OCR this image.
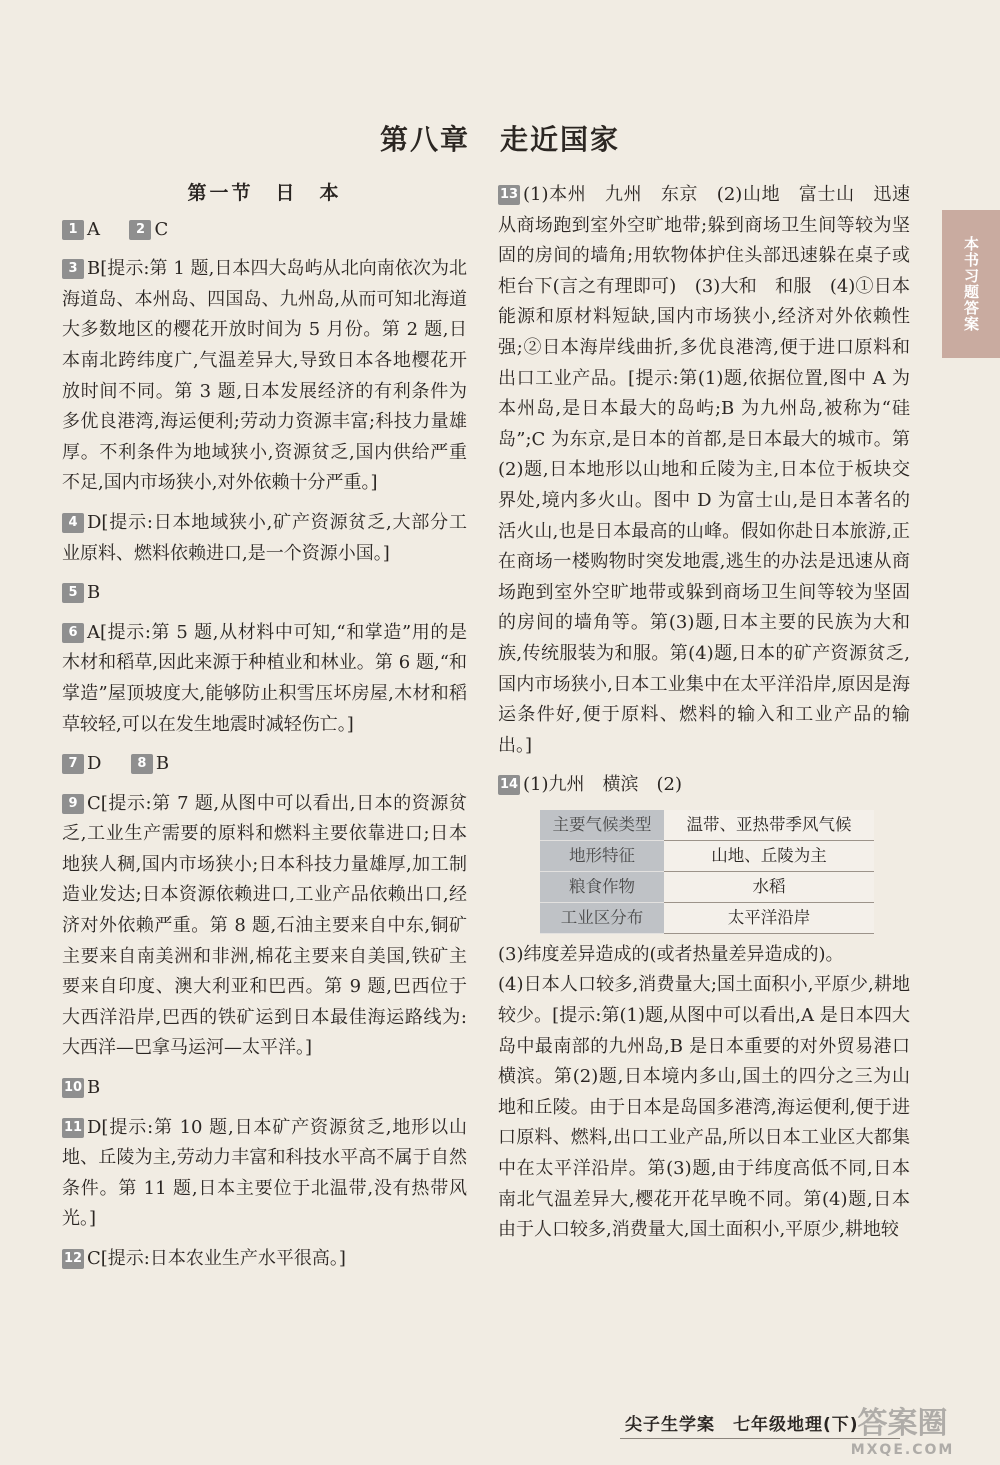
第八章　走近国家
本书习题答案
第一节　日　本
1 A	2 C
3 B[提示:第 1 题,日本四大岛屿从北向南依次为北海道岛、本州岛、四国岛、九州岛,从而可知北海道大多数地区的樱花开放时间为 5 月份。第 2 题,日本南北跨纬度广,气温差异大,导致日本各地樱花开放时间不同。第 3 题,日本发展经济的有利条件为多优良港湾,海运便利;劳动力资源丰富;科技力量雄厚。不利条件为地域狭小,资源贫乏,国内供给严重不足,国内市场狭小,对外依赖十分严重。]
4 D[提示:日本地域狭小,矿产资源贫乏,大部分工业原料、燃料依赖进口,是一个资源小国。]
5 B
6 A[提示:第 5 题,从材料中可知,“和掌造”用的是木材和稻草,因此来源于种植业和林业。第 6 题,“和掌造”屋顶坡度大,能够防止积雪压坏房屋,木材和稻草较轻,可以在发生地震时减轻伤亡。]
7 D	8 B
9 C[提示:第 7 题,从图中可以看出,日本的资源贫乏,工业生产需要的原料和燃料主要依靠进口;日本地狭人稠,国内市场狭小;日本科技力量雄厚,加工制造业发达;日本资源依赖进口,工业产品依赖出口,经济对外依赖严重。第 8 题,石油主要来自中东,铜矿主要来自南美洲和非洲,棉花主要来自美国,铁矿主要来自印度、澳大利亚和巴西。第 9 题,巴西位于大西洋沿岸,巴西的铁矿运到日本最佳海运路线为:大西洋—巴拿马运河—太平洋。]
10 B
11 D[提示:第 10 题,日本矿产资源贫乏,地形以山地、丘陵为主,劳动力丰富和科技水平高不属于自然条件。第 11 题,日本主要位于北温带,没有热带风光。]
12 C[提示:日本农业生产水平很高。]
13 (1)本州　九州　东京　(2)山地　富士山　迅速从商场跑到室外空旷地带;躲到商场卫生间等较为坚固的房间的墙角;用软物体护住头部迅速躲在桌子或柜台下(言之有理即可)　(3)大和　和服　(4)①日本能源和原材料短缺,国内市场狭小,经济对外依赖性强;②日本海岸线曲折,多优良港湾,便于进口原料和出口工业产品。[提示:第(1)题,依据位置,图中 A 为本州岛,是日本最大的岛屿;B 为九州岛,被称为“硅岛”;C 为东京,是日本的首都,是日本最大的城市。第(2)题,日本地形以山地和丘陵为主,日本位于板块交界处,境内多火山。图中 D 为富士山,是日本著名的活火山,也是日本最高的山峰。假如你赴日本旅游,正在商场一楼购物时突发地震,逃生的办法是迅速从商场跑到室外空旷地带或躲到商场卫生间等较为坚固的房间的墙角等。第(3)题,日本主要的民族为大和族,传统服装为和服。第(4)题,日本的矿产资源贫乏,国内市场狭小,日本工业集中在太平洋沿岸,原因是海运条件好,便于原料、燃料的输入和工业产品的输出。]
14 (1)九州　横滨　(2)
主要气候类型	温带、亚热带季风气候
地形特征	山地、丘陵为主
粮食作物	水稻
工业区分布	太平洋沿岸
(3)纬度差异造成的(或者热量差异造成的)。
(4)日本人口较多,消费量大;国土面积小,平原少,耕地较少。[提示:第(1)题,从图中可以看出,A 是日本四大岛中最南部的九州岛,B 是日本重要的对外贸易港口横滨。第(2)题,日本境内多山,国土的四分之三为山地和丘陵。由于日本是岛国多港湾,海运便利,便于进口原料、燃料,出口工业产品,所以日本工业区大都集中在太平洋沿岸。第(3)题,由于纬度高低不同,日本南北气温差异大,樱花开花早晚不同。第(4)题,日本由于人口较多,消费量大,国土面积小,平原少,耕地较
尖子生学案 七年级地理(下)
答案圈
MXQE.COM
